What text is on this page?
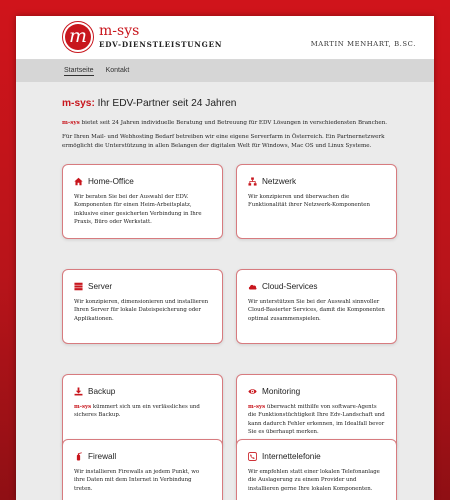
m m-sys
EDV-DIENSTLEISTUNGEN	MARTIN MENHART, B.SC.
Startseite Kontakt
m-sys: Ihr EDV-Partner seit 24 Jahren

m-sys bietet seit 24 Jahren individuelle Beratung und Betreuung für EDV Lösungen in verschiedensten Branchen.

Für Ihren Mail- und Webhosting Bedarf betreiben wir eine eigene Serverfarm in Österreich. Ein Partnernetzwerk ermöglicht die Unterstützung in allen Belangen der digitalen Welt für Windows, Mac OS und Linux Systeme.

Home-Office
Wir beraten Sie bei der Auswahl der EDV. Komponenten für einen Heim-Arbeitsplatz, inklusive einer gesicherten Verbindung in Ihre Praxis, Büro oder Werkstatt.
Netzwerk
Wir konzipieren und überwachen die Funktionalität ihrer Netzwerk-Komponenten
Server
Wir konzipieren, dimensionieren und installieren Ihren Server für lokale Dateispeicherung oder Applikationen.
Cloud-Services
Wir unterstützen Sie bei der Auswahl sinnvoller Cloud-Basierter Services, damit die Komponenten optimal zusammenspielen.
Backup
m-sys kümmert sich um ein verlässliches und sicheres Backup.
Monitoring
m-sys überwacht mithilfe von software-Agents die Funktionstüchtigkeit Ihre Edv-Landschaft und kann dadurch Fehler erkennen, im Idealfall bevor Sie es überhaupt merken.
Firewall
Wir installieren Firewalls an jedem Punkt, wo ihre Daten mit dem Internet in Verbindung treten.
Internettelefonie
Wir empfehlen statt einer lokalen Telefonanlage die Auslagerung zu einem Provider und installieren gerne Ihre lokalen Komponenten.
